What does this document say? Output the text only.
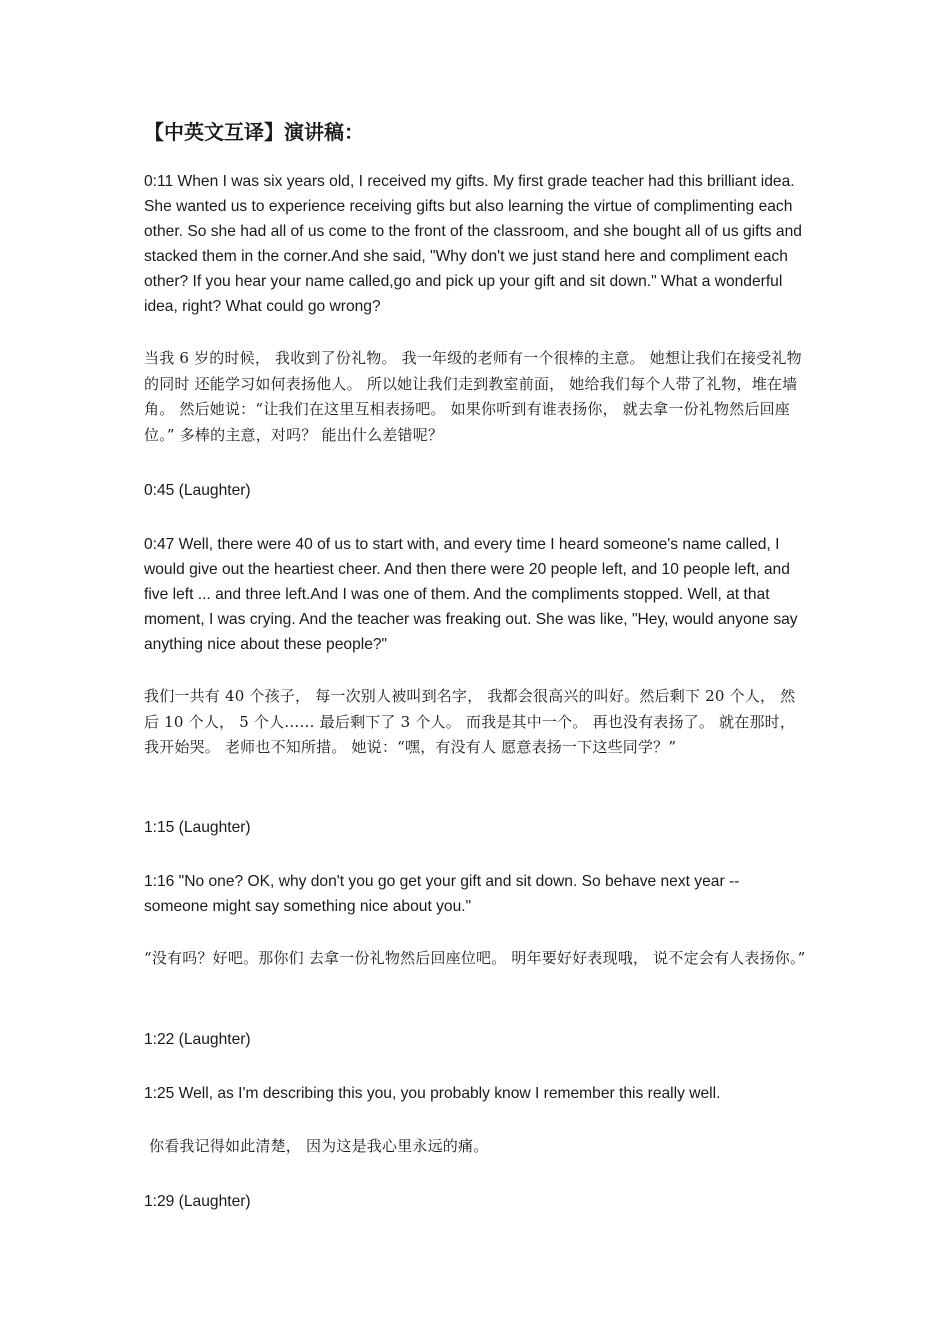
【中英文互译】演讲稿：

0:11 When I was six years old, I received my gifts. My first grade teacher had this brilliant idea. She wanted us to experience receiving gifts but also learning the virtue of complimenting each other. So she had all of us come to the front of the classroom, and she bought all of us gifts and stacked them in the corner.And she said, "Why don't we just stand here and compliment each other? If you hear your name called,go and pick up your gift and sit down." What a wonderful idea, right? What could go wrong?

当我 6 岁的时候， 我收到了份礼物。 我一年级的老师有一个很棒的主意。 她想让我们在接受礼物的同时 还能学习如何表扬他人。 所以她让我们走到教室前面， 她给我们每个人带了礼物，堆在墙角。 然后她说：“让我们在这里互相表扬吧。 如果你听到有谁表扬你， 就去拿一份礼物然后回座位。” 多棒的主意，对吗？ 能出什么差错呢？

0:45 (Laughter)

0:47 Well, there were 40 of us to start with, and every time I heard someone's name called, I would give out the heartiest cheer. And then there were 20 people left, and 10 people left, and five left ... and three left.And I was one of them. And the compliments stopped. Well, at that moment, I was crying. And the teacher was freaking out. She was like, "Hey, would anyone say anything nice about these people?"

我们一共有 40 个孩子， 每一次别人被叫到名字， 我都会很高兴的叫好。然后剩下 20 个人， 然后 10 个人， 5 个人…… 最后剩下了 3 个人。 而我是其中一个。 再也没有表扬了。 就在那时，我开始哭。 老师也不知所措。 她说：“嘿，有没有人 愿意表扬一下这些同学？”

1:15 (Laughter)

1:16 "No one? OK, why don't you go get your gift and sit down. So behave next year -- someone might say something nice about you."

“没有吗？好吧。那你们 去拿一份礼物然后回座位吧。 明年要好好表现哦， 说不定会有人表扬你。”

1:22 (Laughter)

1:25 Well, as I'm describing this you, you probably know I remember this really well.

你看我记得如此清楚， 因为这是我心里永远的痛。

1:29 (Laughter)
